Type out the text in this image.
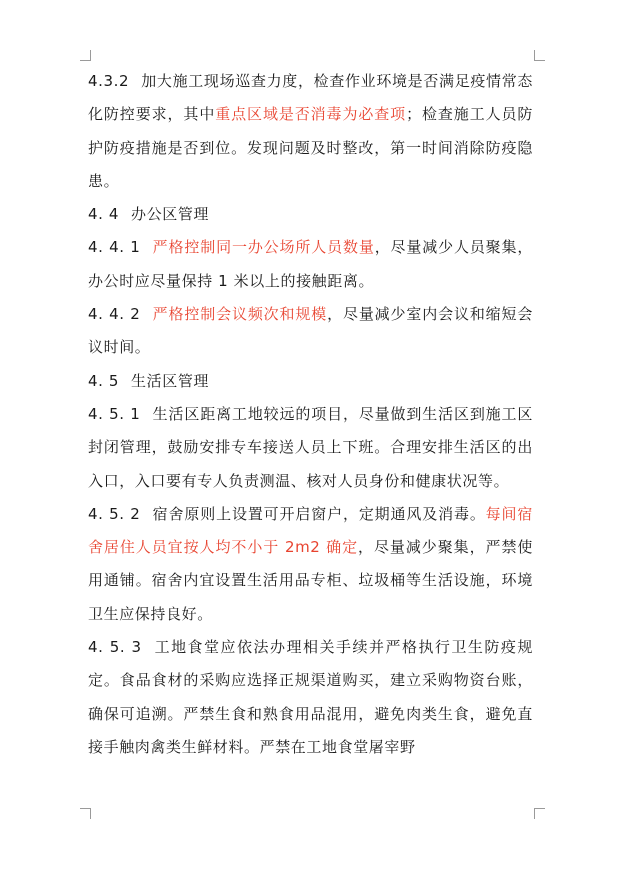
4.3.2 加大施工现场巡查力度，检查作业环境是否满足疫情常态化防控要求，其中重点区域是否消毒为必查项；检查施工人员防护防疫措施是否到位。发现问题及时整改，第一时间消除防疫隐患。

4. 4 办公区管理

4. 4. 1 严格控制同一办公场所人员数量，尽量减少人员聚集，办公时应尽量保持 1 米以上的接触距离。

4. 4. 2 严格控制会议频次和规模，尽量减少室内会议和缩短会议时间。

4. 5 生活区管理

4. 5. 1 生活区距离工地较远的项目，尽量做到生活区到施工区封闭管理，鼓励安排专车接送人员上下班。合理安排生活区的出入口，入口要有专人负责测温、核对人员身份和健康状况等。

4. 5. 2 宿舍原则上设置可开启窗户，定期通风及消毒。每间宿舍居住人员宜按人均不小于 2m2 确定，尽量减少聚集，严禁使用通铺。宿舍内宜设置生活用品专柜、垃圾桶等生活设施，环境卫生应保持良好。

4. 5. 3 工地食堂应依法办理相关手续并严格执行卫生防疫规定。食品食材的采购应选择正规渠道购买，建立采购物资台账，确保可追溯。严禁生食和熟食用品混用，避免肉类生食，避免直接手触肉禽类生鲜材料。严禁在工地食堂屠宰野
